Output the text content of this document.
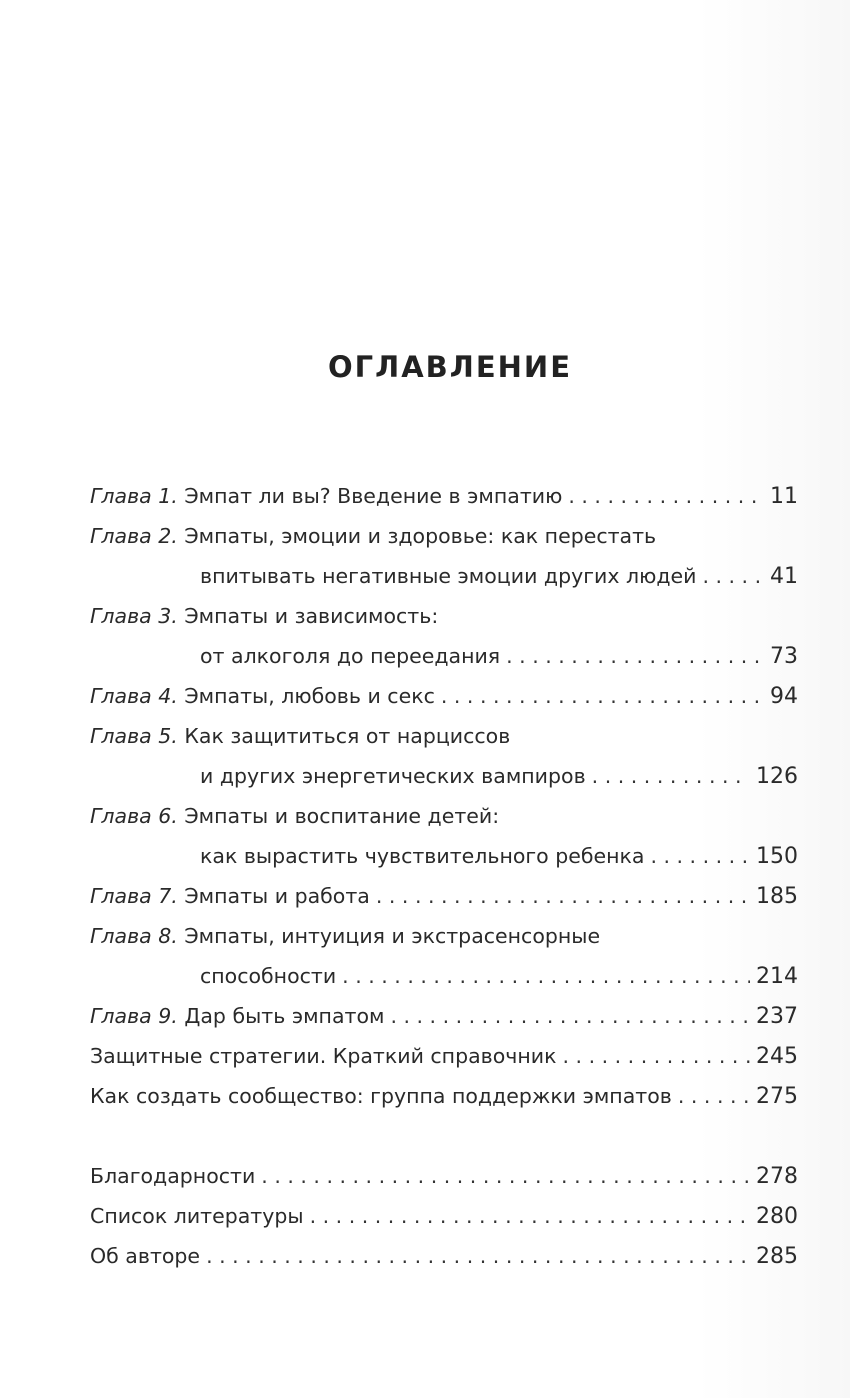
ОГЛАВЛЕНИЕ
Глава 1. Эмпат ли вы? Введение в эмпатию . . .	11
Глава 2. Эмпаты, эмоции и здоровье: как перестать
впитывать негативные эмоции других людей . . .	41
Глава 3. Эмпаты и зависимость:
от алкоголя до переедания . . .	73
Глава 4. Эмпаты, любовь и секс . . .	94
Глава 5. Как защититься от нарциссов
и других энергетических вампиров . . .	126
Глава 6. Эмпаты и воспитание детей:
как вырастить чувствительного ребенка . . .	150
Глава 7. Эмпаты и работа . . .	185
Глава 8. Эмпаты, интуиция и экстрасенсорные
способности . . .	214
Глава 9. Дар быть эмпатом . . .	237
Защитные стратегии. Краткий справочник . . .	245
Как создать сообщество: группа поддержки эмпатов . . .	275
Благодарности . . .	278
Список литературы . . .	280
Об авторе . . .	285
